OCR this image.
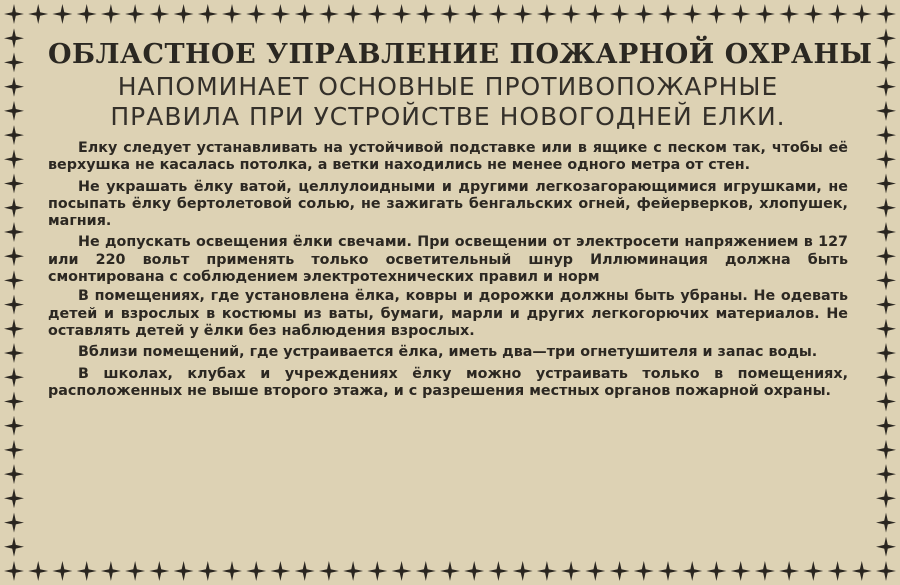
ОБЛАСТНОЕ УПРАВЛЕНИЕ ПОЖАРНОЙ ОХРАНЫ
НАПОМИНАЕТ ОСНОВНЫЕ ПРОТИВОПОЖАРНЫЕ
ПРАВИЛА ПРИ УСТРОЙСТВЕ НОВОГОДНЕЙ ЕЛКИ.

Елку следует устанавливать на устойчивой подставке или в ящике с песком так, чтобы её верхушка не касалась потолка, а ветки находились не менее одного метра от стен.

Не украшать ёлку ватой, целлулоидными и другими легкозагорающимися игрушками, не посыпать ёлку бертолетовой солью, не зажигать бенгальских огней, фейерверков, хлопушек, магния.

Не допускать освещения ёлки свечами. При освещении от электросети напряжением в 127 или 220 вольт применять только осветительный шнур Иллюминация должна быть смонтирована с соблюдением электротехнических правил и норм

В помещениях, где установлена ёлка, ковры и дорожки должны быть убраны. Не одевать детей и взрослых в костюмы из ваты, бумаги, марли и других легкогорючих материалов. Не оставлять детей у ёлки без наблюдения взрослых.

Вблизи помещений, где устраивается ёлка, иметь два—три огнетушителя и запас воды.

В школах, клубах и учреждениях ёлку можно устраивать только в помещениях, расположенных не выше второго этажа, и с разрешения местных органов пожарной охраны.
